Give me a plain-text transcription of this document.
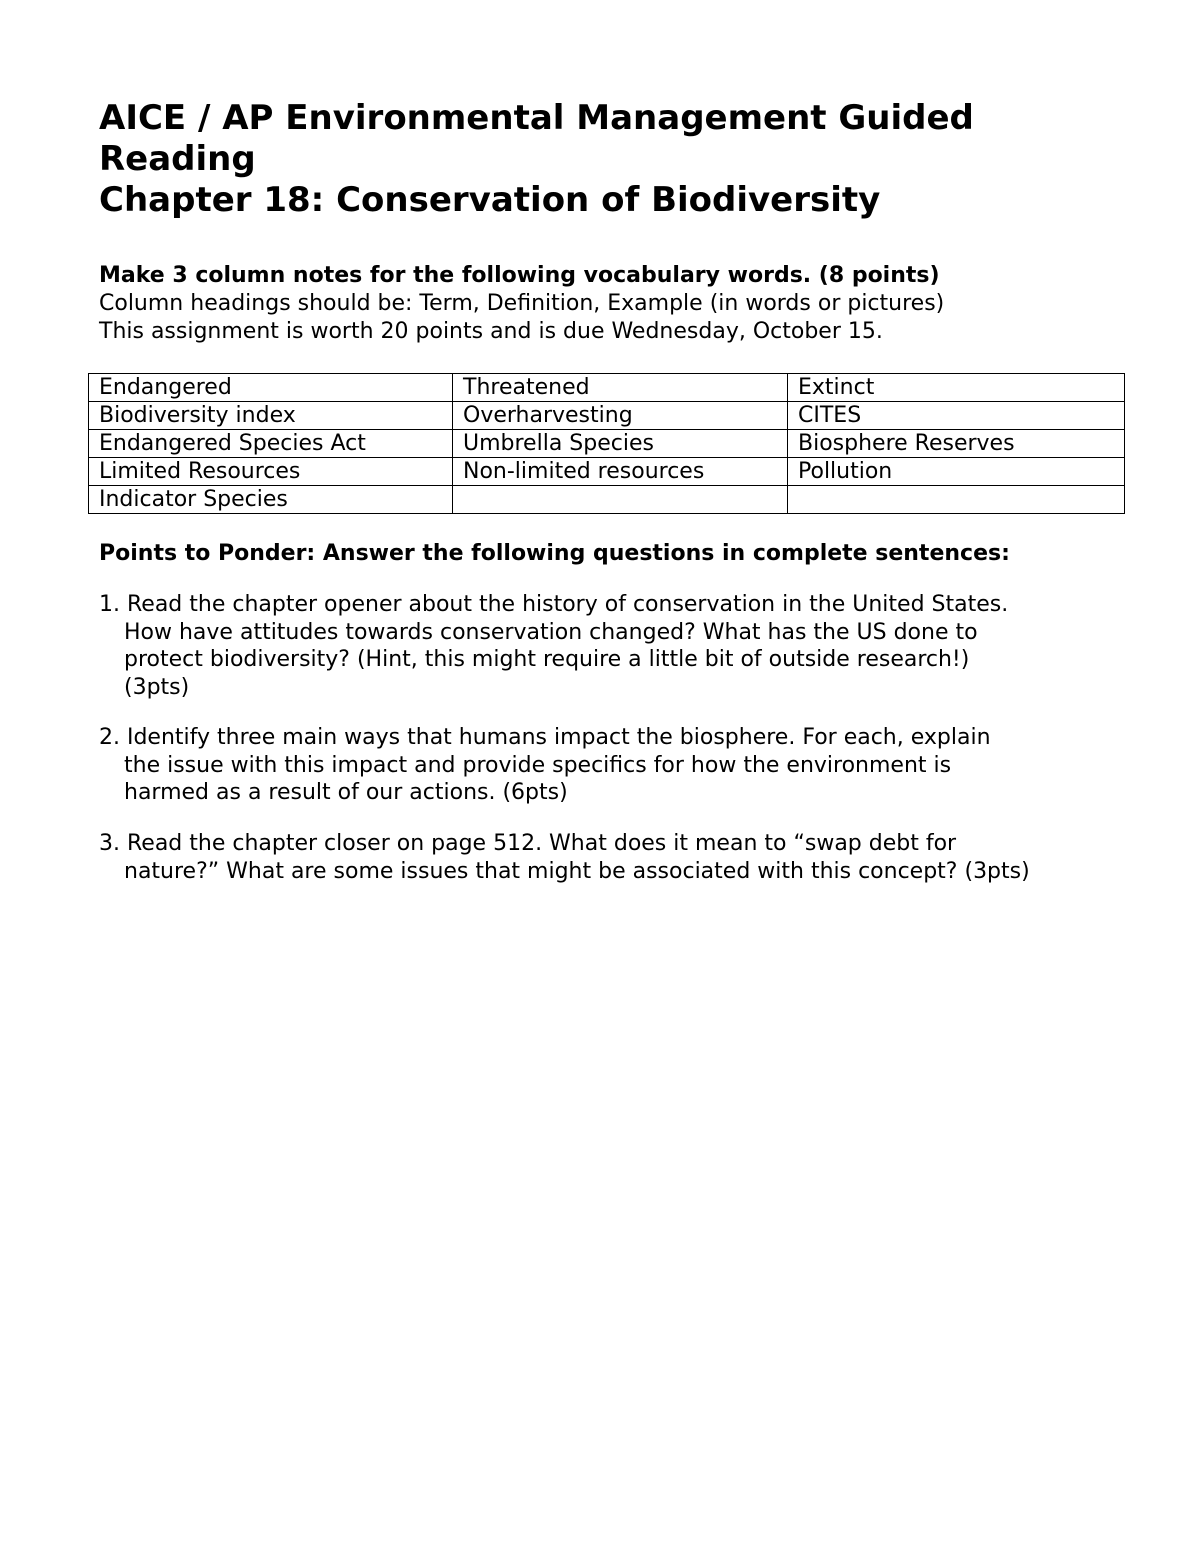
AICE / AP Environmental Management Guided
Reading
Chapter 18: Conservation of Biodiversity
Make 3 column notes for the following vocabulary words. (8 points)
Column headings should be: Term, Definition, Example (in words or pictures)
This assignment is worth 20 points and is due Wednesday, October 15.
Endangered	Threatened	Extinct
Biodiversity index	Overharvesting	CITES
Endangered Species Act	Umbrella Species	Biosphere Reserves
Limited Resources	Non-limited resources	Pollution
Indicator Species		
Points to Ponder: Answer the following questions in complete sentences:
1. Read the chapter opener about the history of conservation in the United States.
How have attitudes towards conservation changed? What has the US done to
protect biodiversity? (Hint, this might require a little bit of outside research!)
(3pts)
2. Identify three main ways that humans impact the biosphere. For each, explain
the issue with this impact and provide specifics for how the environment is
harmed as a result of our actions. (6pts)
3. Read the chapter closer on page 512. What does it mean to “swap debt for
nature?” What are some issues that might be associated with this concept? (3pts)
